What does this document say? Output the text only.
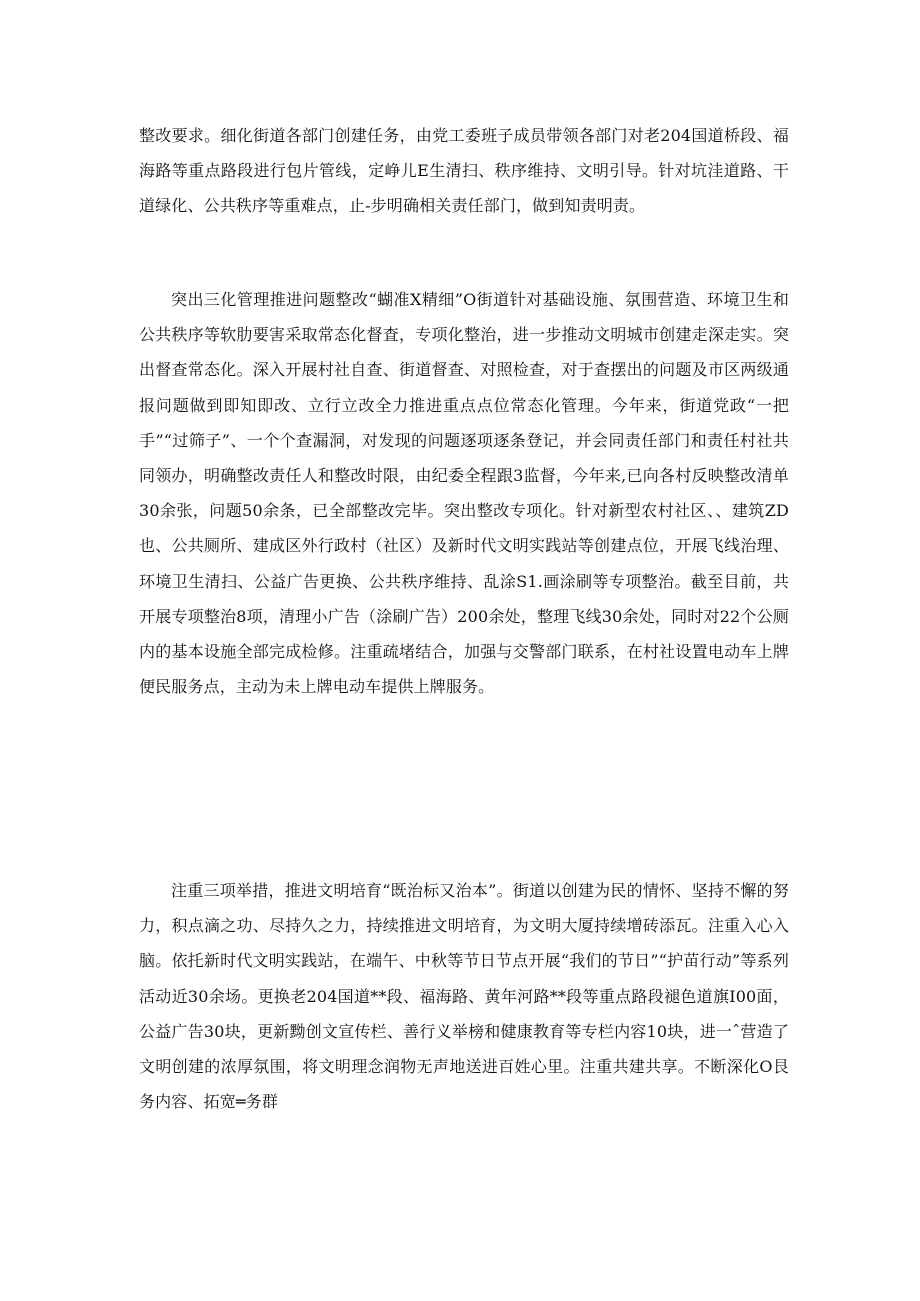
整改要求。细化街道各部门创建任务，由党工委班子成员带领各部门对老204国道桥段、福海路等重点路段进行包片管线，定峥儿E生清扫、秩序维持、文明引导。针对坑洼道路、干道绿化、公共秩序等重难点，止-步明确相关责任部门，做到知责明责。

突出三化管理推进问题整改“蝴准X精细”O街道针对基础设施、氛围营造、环境卫生和公共秩序等软肋要害采取常态化督査，专项化整治，进一步推动文明城市创建走深走实。突出督查常态化。深入开展村社自查、街道督查、对照检查，对于查摆出的问题及市区两级通报问题做到即知即改、立行立改全力推进重点点位常态化管理。今年来，街道党政“一把手”“过筛子”、一个个查漏洞，对发现的问题逐项逐条登记，并会同责任部门和责任村社共同领办，明确整改责任人和整改时限，由纪委全程跟3监督，今年来,已向各村反映整改清单30余张，问题50余条，已全部整改完毕。突出整改专项化。针对新型农村社区、、建筑ZD也、公共厕所、建成区外行政村（社区）及新时代文明实践站等创建点位，开展飞线治理、环境卫生清扫、公益广告更换、公共秩序维持、乱涂S1.画涂刷等专项整治。截至目前，共开展专项整治8项，清理小广告（涂刷广告）200余处，整理飞线30余处，同时对22个公厕内的基本设施全部完成检修。注重疏堵结合，加强与交警部门联系，在村社设置电动车上牌便民服务点，主动为未上牌电动车提供上牌服务。

注重三项举措，推进文明培育“既治标又治本”。街道以创建为民的情怀、坚持不懈的努力，积点滴之功、尽持久之力，持续推进文明培育，为文明大厦持续增砖添瓦。注重入心入脑。依托新时代文明实践站，在端午、中秋等节日节点开展“我们的节日”“护苗行动”等系列活动近30余场。更换老204国道**段、福海路、黄年河路**段等重点路段褪色道旗I00面，公益广告30块，更新黝创文宣传栏、善行义举榜和健康教育等专栏内容10块，进一ˆ营造了文明创建的浓厚氛围，将文明理念润物无声地送进百姓心里。注重共建共享。不断深化O艮务内容、拓宽═务群
